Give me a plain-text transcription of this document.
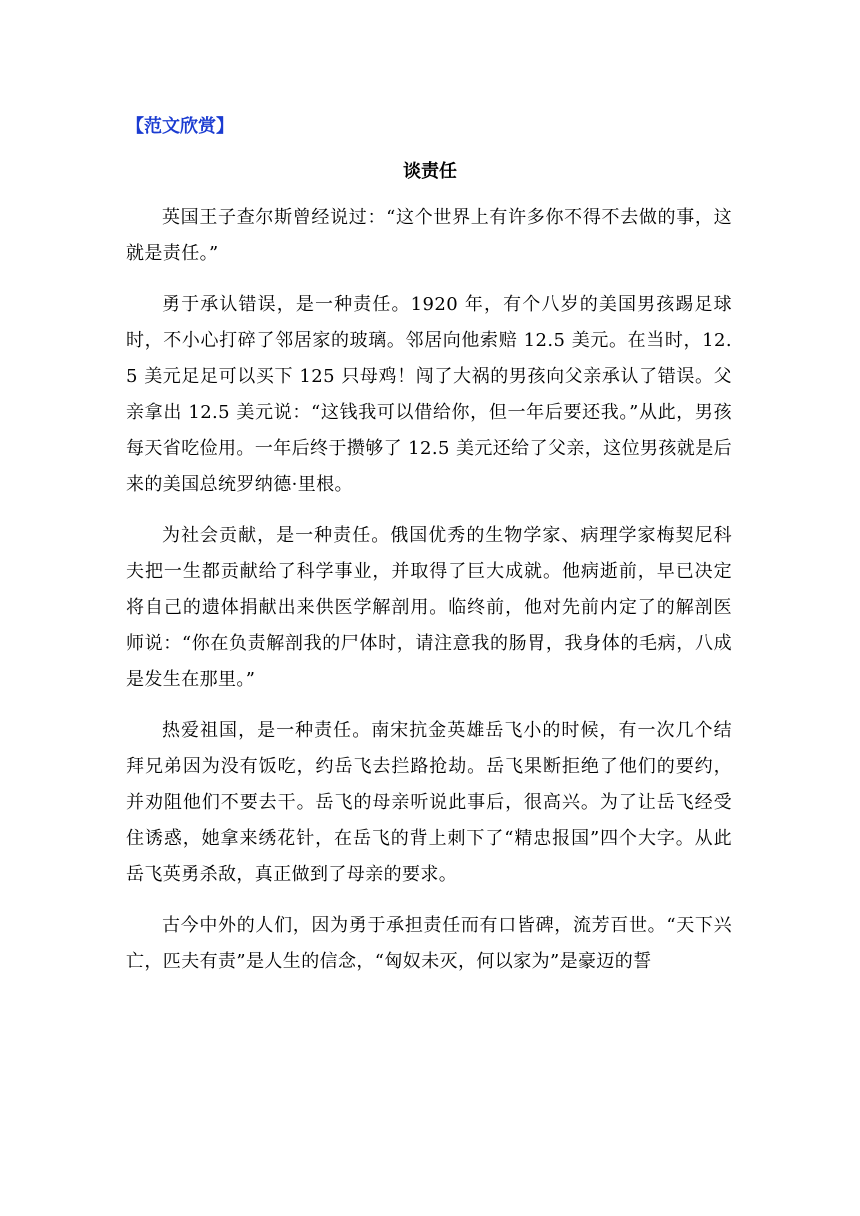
【范文欣赏】
谈责任

英国王子查尔斯曾经说过：“这个世界上有许多你不得不去做的事，这就是责任。”

勇于承认错误，是一种责任。1920 年，有个八岁的美国男孩踢足球时，不小心打碎了邻居家的玻璃。邻居向他索赔 12.5 美元。在当时，12.5 美元足足可以买下 125 只母鸡！闯了大祸的男孩向父亲承认了错误。父亲拿出 12.5 美元说：“这钱我可以借给你，但一年后要还我。”从此，男孩每天省吃俭用。一年后终于攒够了 12.5 美元还给了父亲，这位男孩就是后来的美国总统罗纳德·里根。

为社会贡献，是一种责任。俄国优秀的生物学家、病理学家梅契尼科夫把一生都贡献给了科学事业，并取得了巨大成就。他病逝前，早已决定将自己的遗体捐献出来供医学解剖用。临终前，他对先前内定了的解剖医师说：“你在负责解剖我的尸体时，请注意我的肠胃，我身体的毛病，八成是发生在那里。”

热爱祖国，是一种责任。南宋抗金英雄岳飞小的时候，有一次几个结拜兄弟因为没有饭吃，约岳飞去拦路抢劫。岳飞果断拒绝了他们的要约，并劝阻他们不要去干。岳飞的母亲听说此事后，很高兴。为了让岳飞经受住诱惑，她拿来绣花针，在岳飞的背上刺下了“精忠报国”四个大字。从此岳飞英勇杀敌，真正做到了母亲的要求。

古今中外的人们，因为勇于承担责任而有口皆碑，流芳百世。“天下兴亡，匹夫有责”是人生的信念，“匈奴未灭，何以家为”是豪迈的誓
